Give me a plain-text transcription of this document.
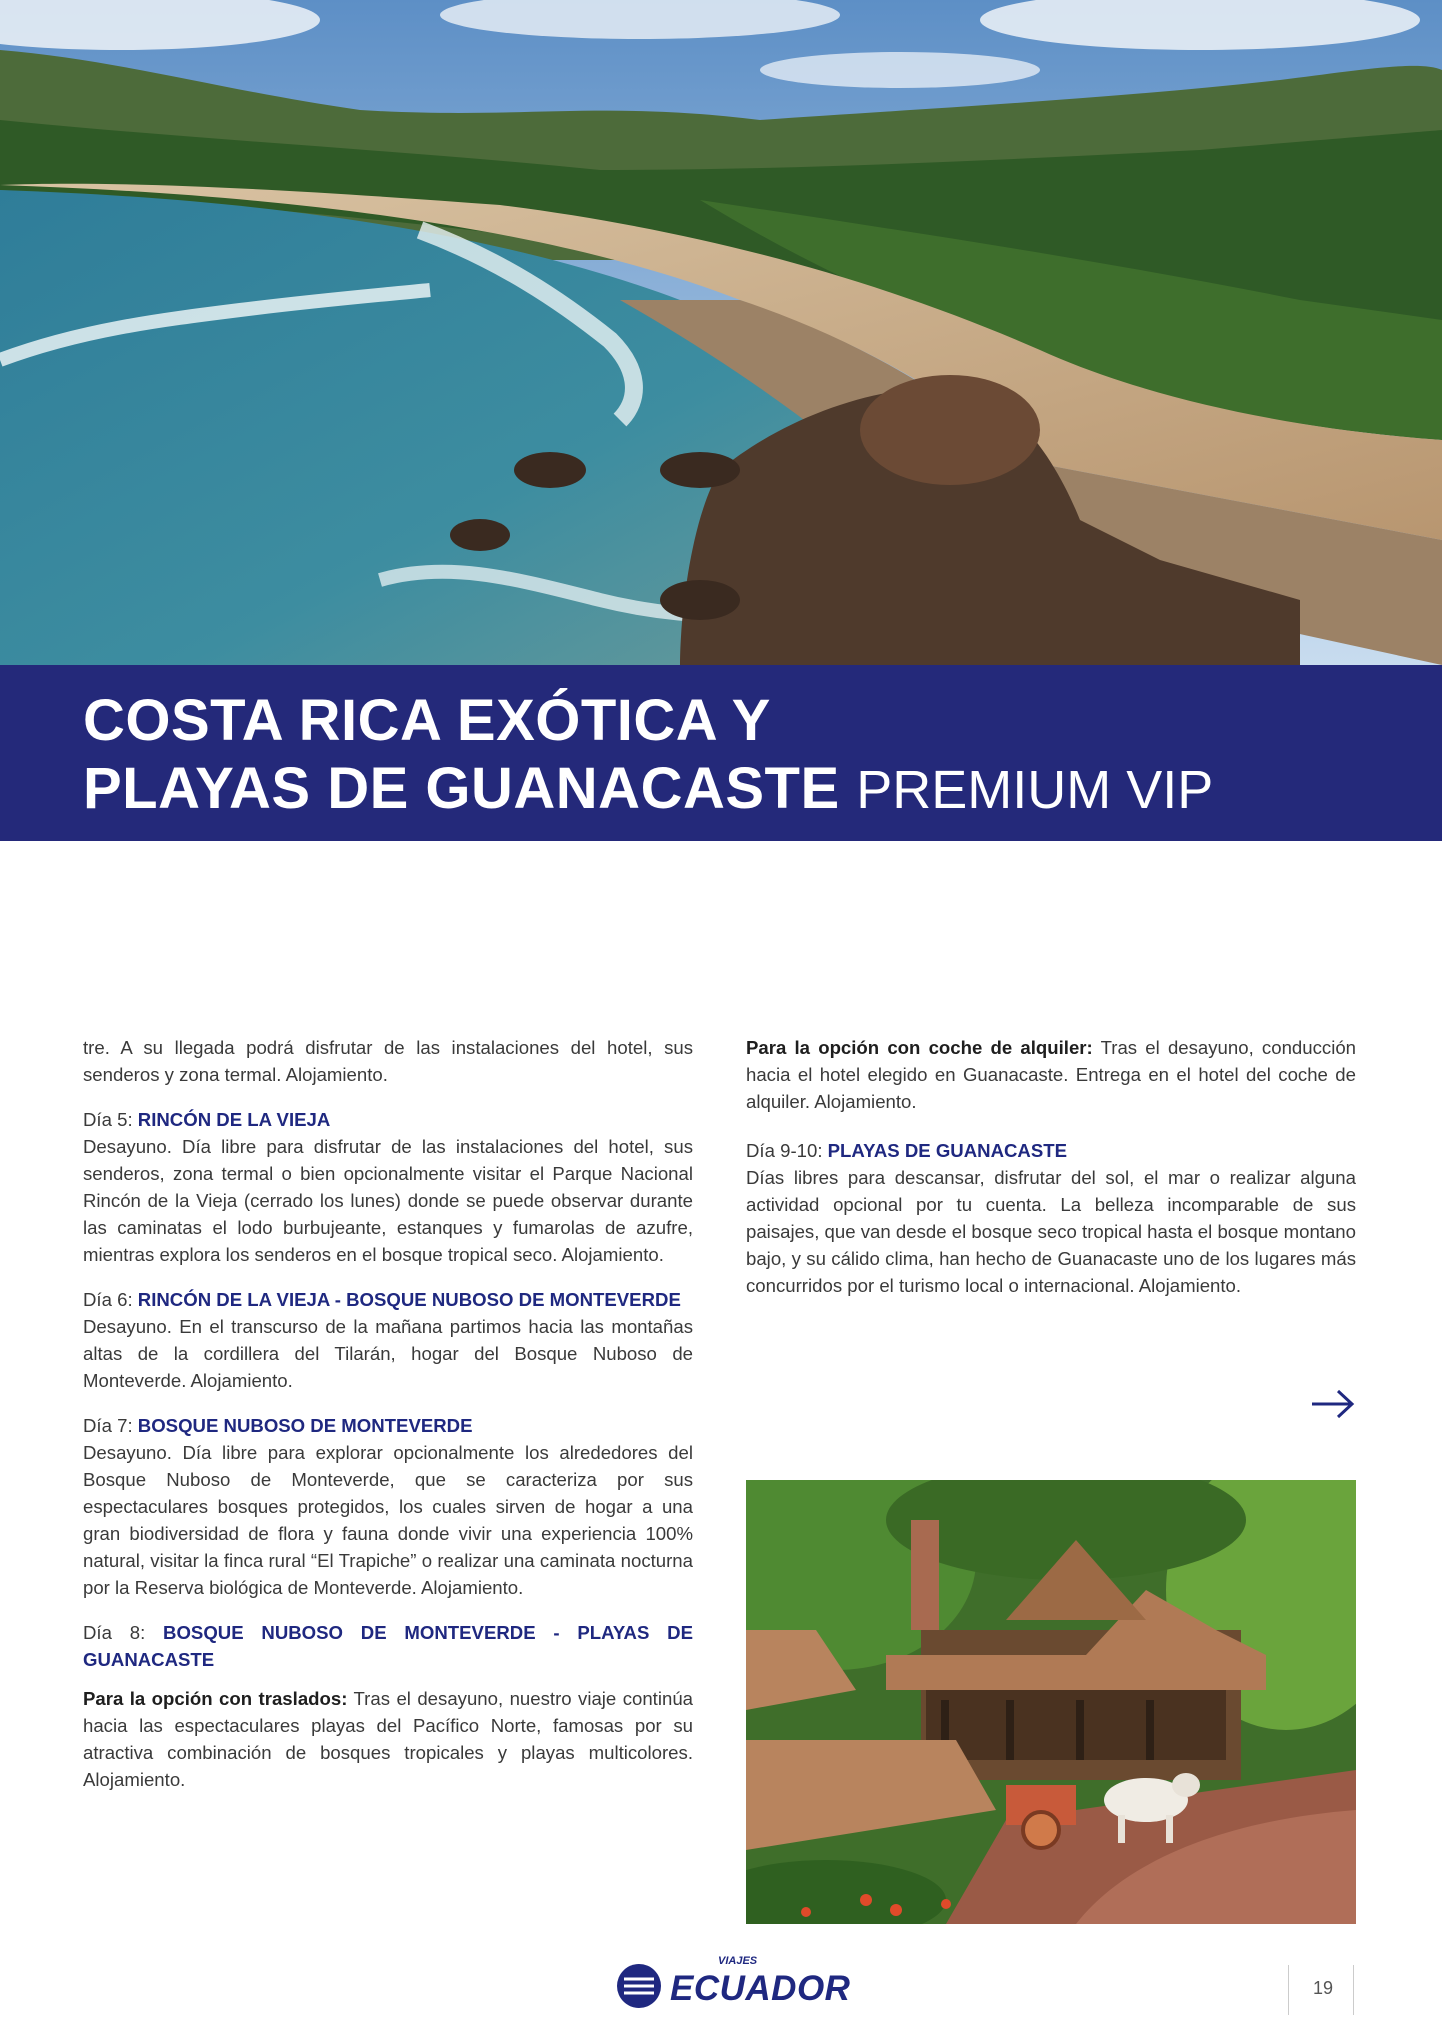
COSTA RICA EXÓTICA Y
PLAYAS DE GUANACASTE PREMIUM VIP

tre. A su llegada podrá disfrutar de las instalaciones del hotel, sus senderos y zona termal. Alojamiento.

Día 5: RINCÓN DE LA VIEJA
Desayuno. Día libre para disfrutar de las instalaciones del hotel, sus senderos, zona termal o bien opcionalmente visitar el Parque Nacional Rincón de la Vieja (cerrado los lunes) donde se puede observar durante las caminatas el lodo burbujeante, estanques y fumarolas de azufre, mientras explora los senderos en el bosque tropical seco. Alojamiento.
Día 6: RINCÓN DE LA VIEJA - BOSQUE NUBOSO DE MONTEVERDE
Desayuno. En el transcurso de la mañana partimos hacia las montañas altas de la cordillera del Tilarán, hogar del Bosque Nuboso de Monteverde. Alojamiento.
Día 7: BOSQUE NUBOSO DE MONTEVERDE
Desayuno. Día libre para explorar opcionalmente los alrededores del Bosque Nuboso de Monteverde, que se caracteriza por sus espectaculares bosques protegidos, los cuales sirven de hogar a una gran biodiversidad de flora y fauna donde vivir una experiencia 100% natural, visitar la finca rural “El Trapiche” o realizar una caminata nocturna por la Reserva biológica de Monteverde. Alojamiento.
Día 8: BOSQUE NUBOSO DE MONTEVERDE - PLAYAS DE GUANACASTE
Para la opción con traslados: Tras el desayuno, nuestro viaje continúa hacia las espectaculares playas del Pacífico Norte, famosas por su atractiva combinación de bosques tropicales y playas multicolores. Alojamiento.
Para la opción con coche de alquiler: Tras el desayuno, conducción hacia el hotel elegido en Guanacaste. Entrega en el hotel del coche de alquiler. Alojamiento.
Día 9-10: PLAYAS DE GUANACASTE
Días libres para descansar, disfrutar del sol, el mar o realizar alguna actividad opcional por tu cuenta. La belleza incomparable de sus paisajes, que van desde el bosque seco tropical hasta el bosque montano bajo, y su cálido clima, han hecho de Guanacaste uno de los lugares más concurridos por el turismo local o internacional. Alojamiento.
VIAJES
ECUADOR	19
